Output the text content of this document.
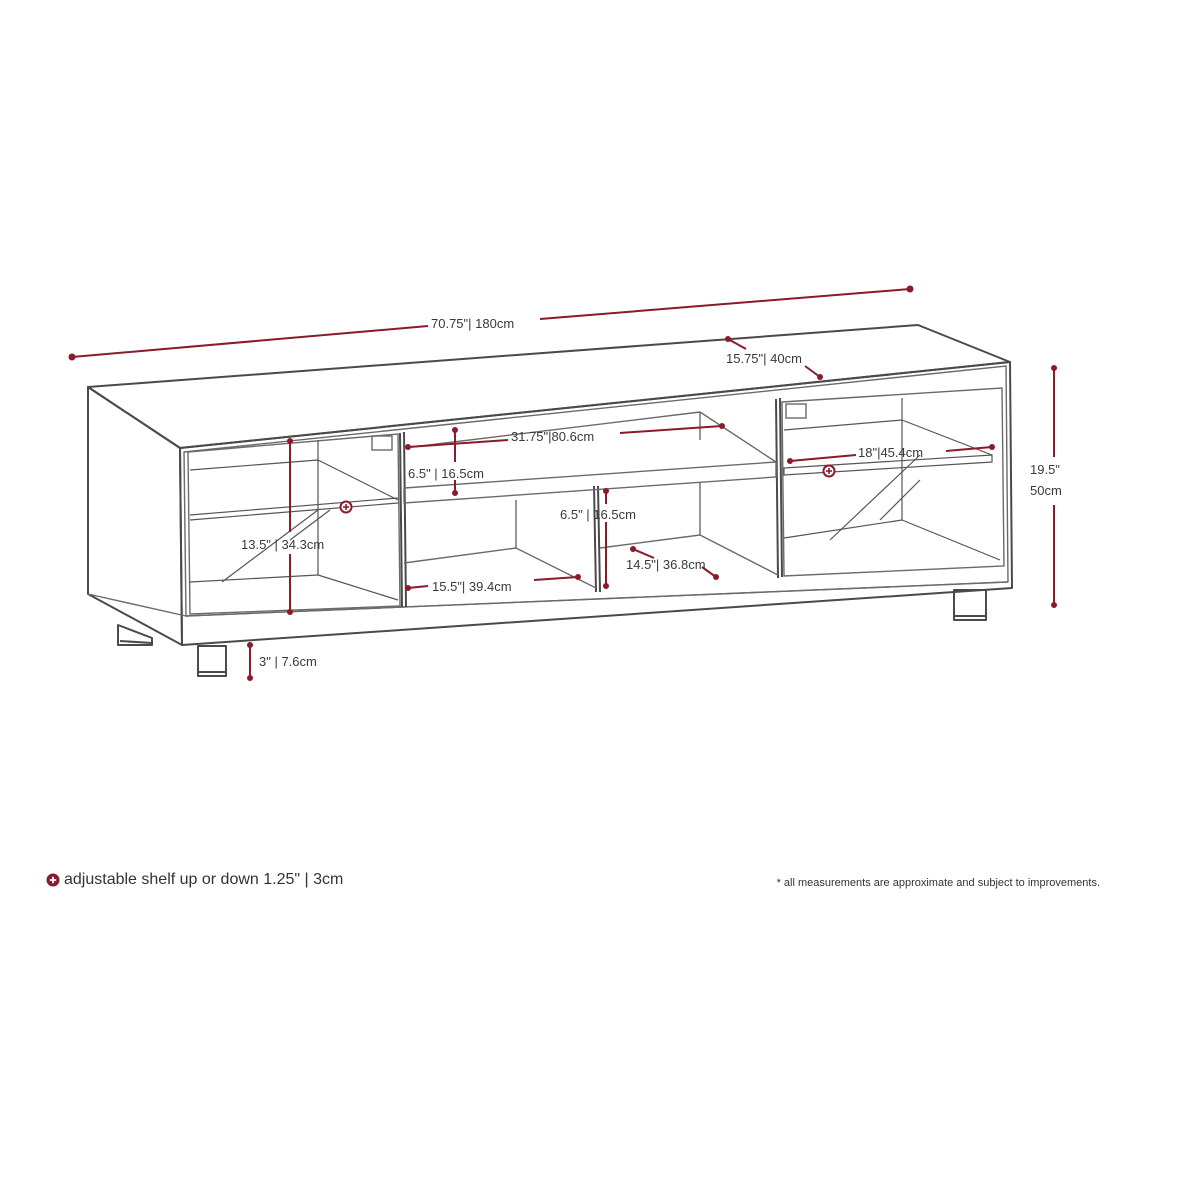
70.75"| 180cm
15.75"| 40cm
19.5"
50cm
31.75"|80.6cm
6.5" | 16.5cm
6.5" | 16.5cm
13.5" | 34.3cm
15.5"| 39.4cm
14.5"| 36.8cm
18"|45.4cm
3" | 7.6cm
adjustable shelf up or down 1.25" | 3cm	* all measurements are approximate and subject to improvements.
